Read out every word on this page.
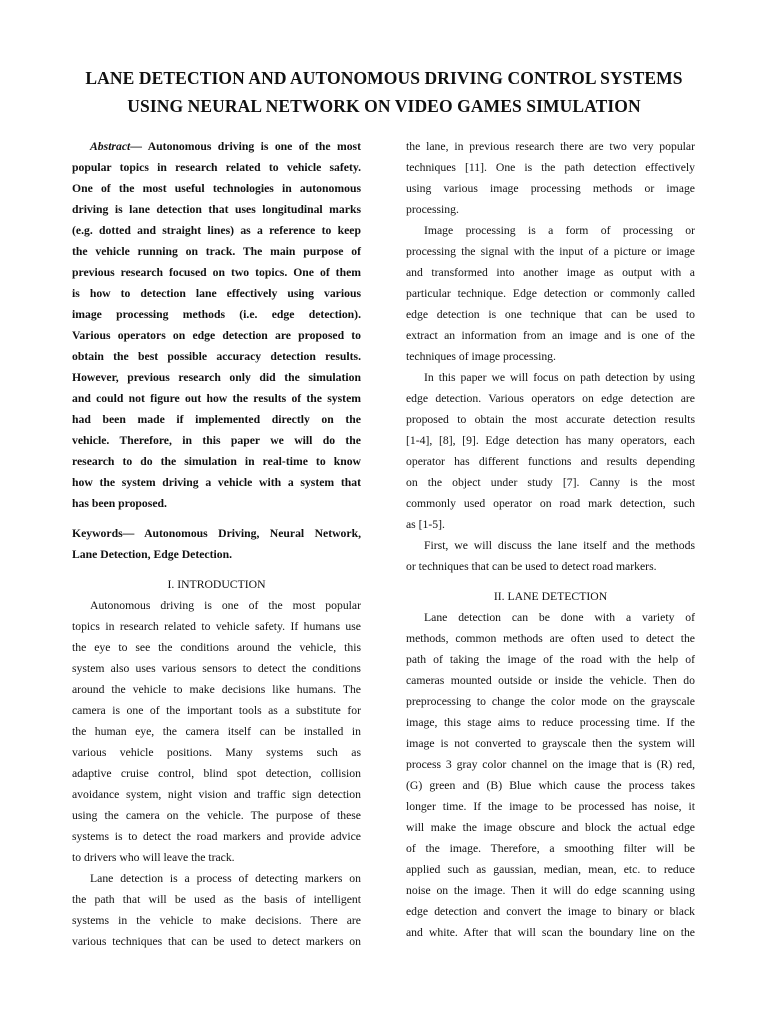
LANE DETECTION AND AUTONOMOUS DRIVING CONTROL SYSTEMS
USING NEURAL NETWORK ON VIDEO GAMES SIMULATION
Abstract— Autonomous driving is one of the most
popular topics in research related to vehicle safety.
One of the most useful technologies in autonomous
driving is lane detection that uses longitudinal marks
(e.g. dotted and straight lines) as a reference to keep
the vehicle running on track. The main purpose of
previous research focused on two topics. One of them
is how to detection lane effectively using various
image processing methods (i.e. edge detection).
Various operators on edge detection are proposed to
obtain the best possible accuracy detection results.
However, previous research only did the simulation
and could not figure out how the results of the system
had been made if implemented directly on the
vehicle. Therefore, in this paper we will do the
research to do the simulation in real-time to know
how the system driving a vehicle with a system that
has been proposed.
Keywords— Autonomous Driving, Neural Network,
Lane Detection, Edge Detection.
I. INTRODUCTION
Autonomous driving is one of the most popular
topics in research related to vehicle safety. If humans use
the eye to see the conditions around the vehicle, this
system also uses various sensors to detect the conditions
around the vehicle to make decisions like humans. The
camera is one of the important tools as a substitute for
the human eye, the camera itself can be installed in
various vehicle positions. Many systems such as
adaptive cruise control, blind spot detection, collision
avoidance system, night vision and traffic sign detection
using the camera on the vehicle. The purpose of these
systems is to detect the road markers and provide advice
to drivers who will leave the track.
Lane detection is a process of detecting markers on
the path that will be used as the basis of intelligent
systems in the vehicle to make decisions. There are
various techniques that can be used to detect markers on
the lane, in previous research there are two very popular
techniques [11]. One is the path detection effectively
using various image processing methods or image
processing.
Image processing is a form of processing or
processing the signal with the input of a picture or image
and transformed into another image as output with a
particular technique. Edge detection or commonly called
edge detection is one technique that can be used to
extract an information from an image and is one of the
techniques of image processing.
In this paper we will focus on path detection by using
edge detection. Various operators on edge detection are
proposed to obtain the most accurate detection results
[1-4], [8], [9]. Edge detection has many operators, each
operator has different functions and results depending
on the object under study [7]. Canny is the most
commonly used operator on road mark detection, such
as [1-5].
First, we will discuss the lane itself and the methods
or techniques that can be used to detect road markers.
II. LANE DETECTION
Lane detection can be done with a variety of
methods, common methods are often used to detect the
path of taking the image of the road with the help of
cameras mounted outside or inside the vehicle. Then do
preprocessing to change the color mode on the grayscale
image, this stage aims to reduce processing time. If the
image is not converted to grayscale then the system will
process 3 gray color channel on the image that is (R) red,
(G) green and (B) Blue which cause the process takes
longer time. If the image to be processed has noise, it
will make the image obscure and block the actual edge
of the image. Therefore, a smoothing filter will be
applied such as gaussian, median, mean, etc. to reduce
noise on the image. Then it will do edge scanning using
edge detection and convert the image to binary or black
and white. After that will scan the boundary line on the
